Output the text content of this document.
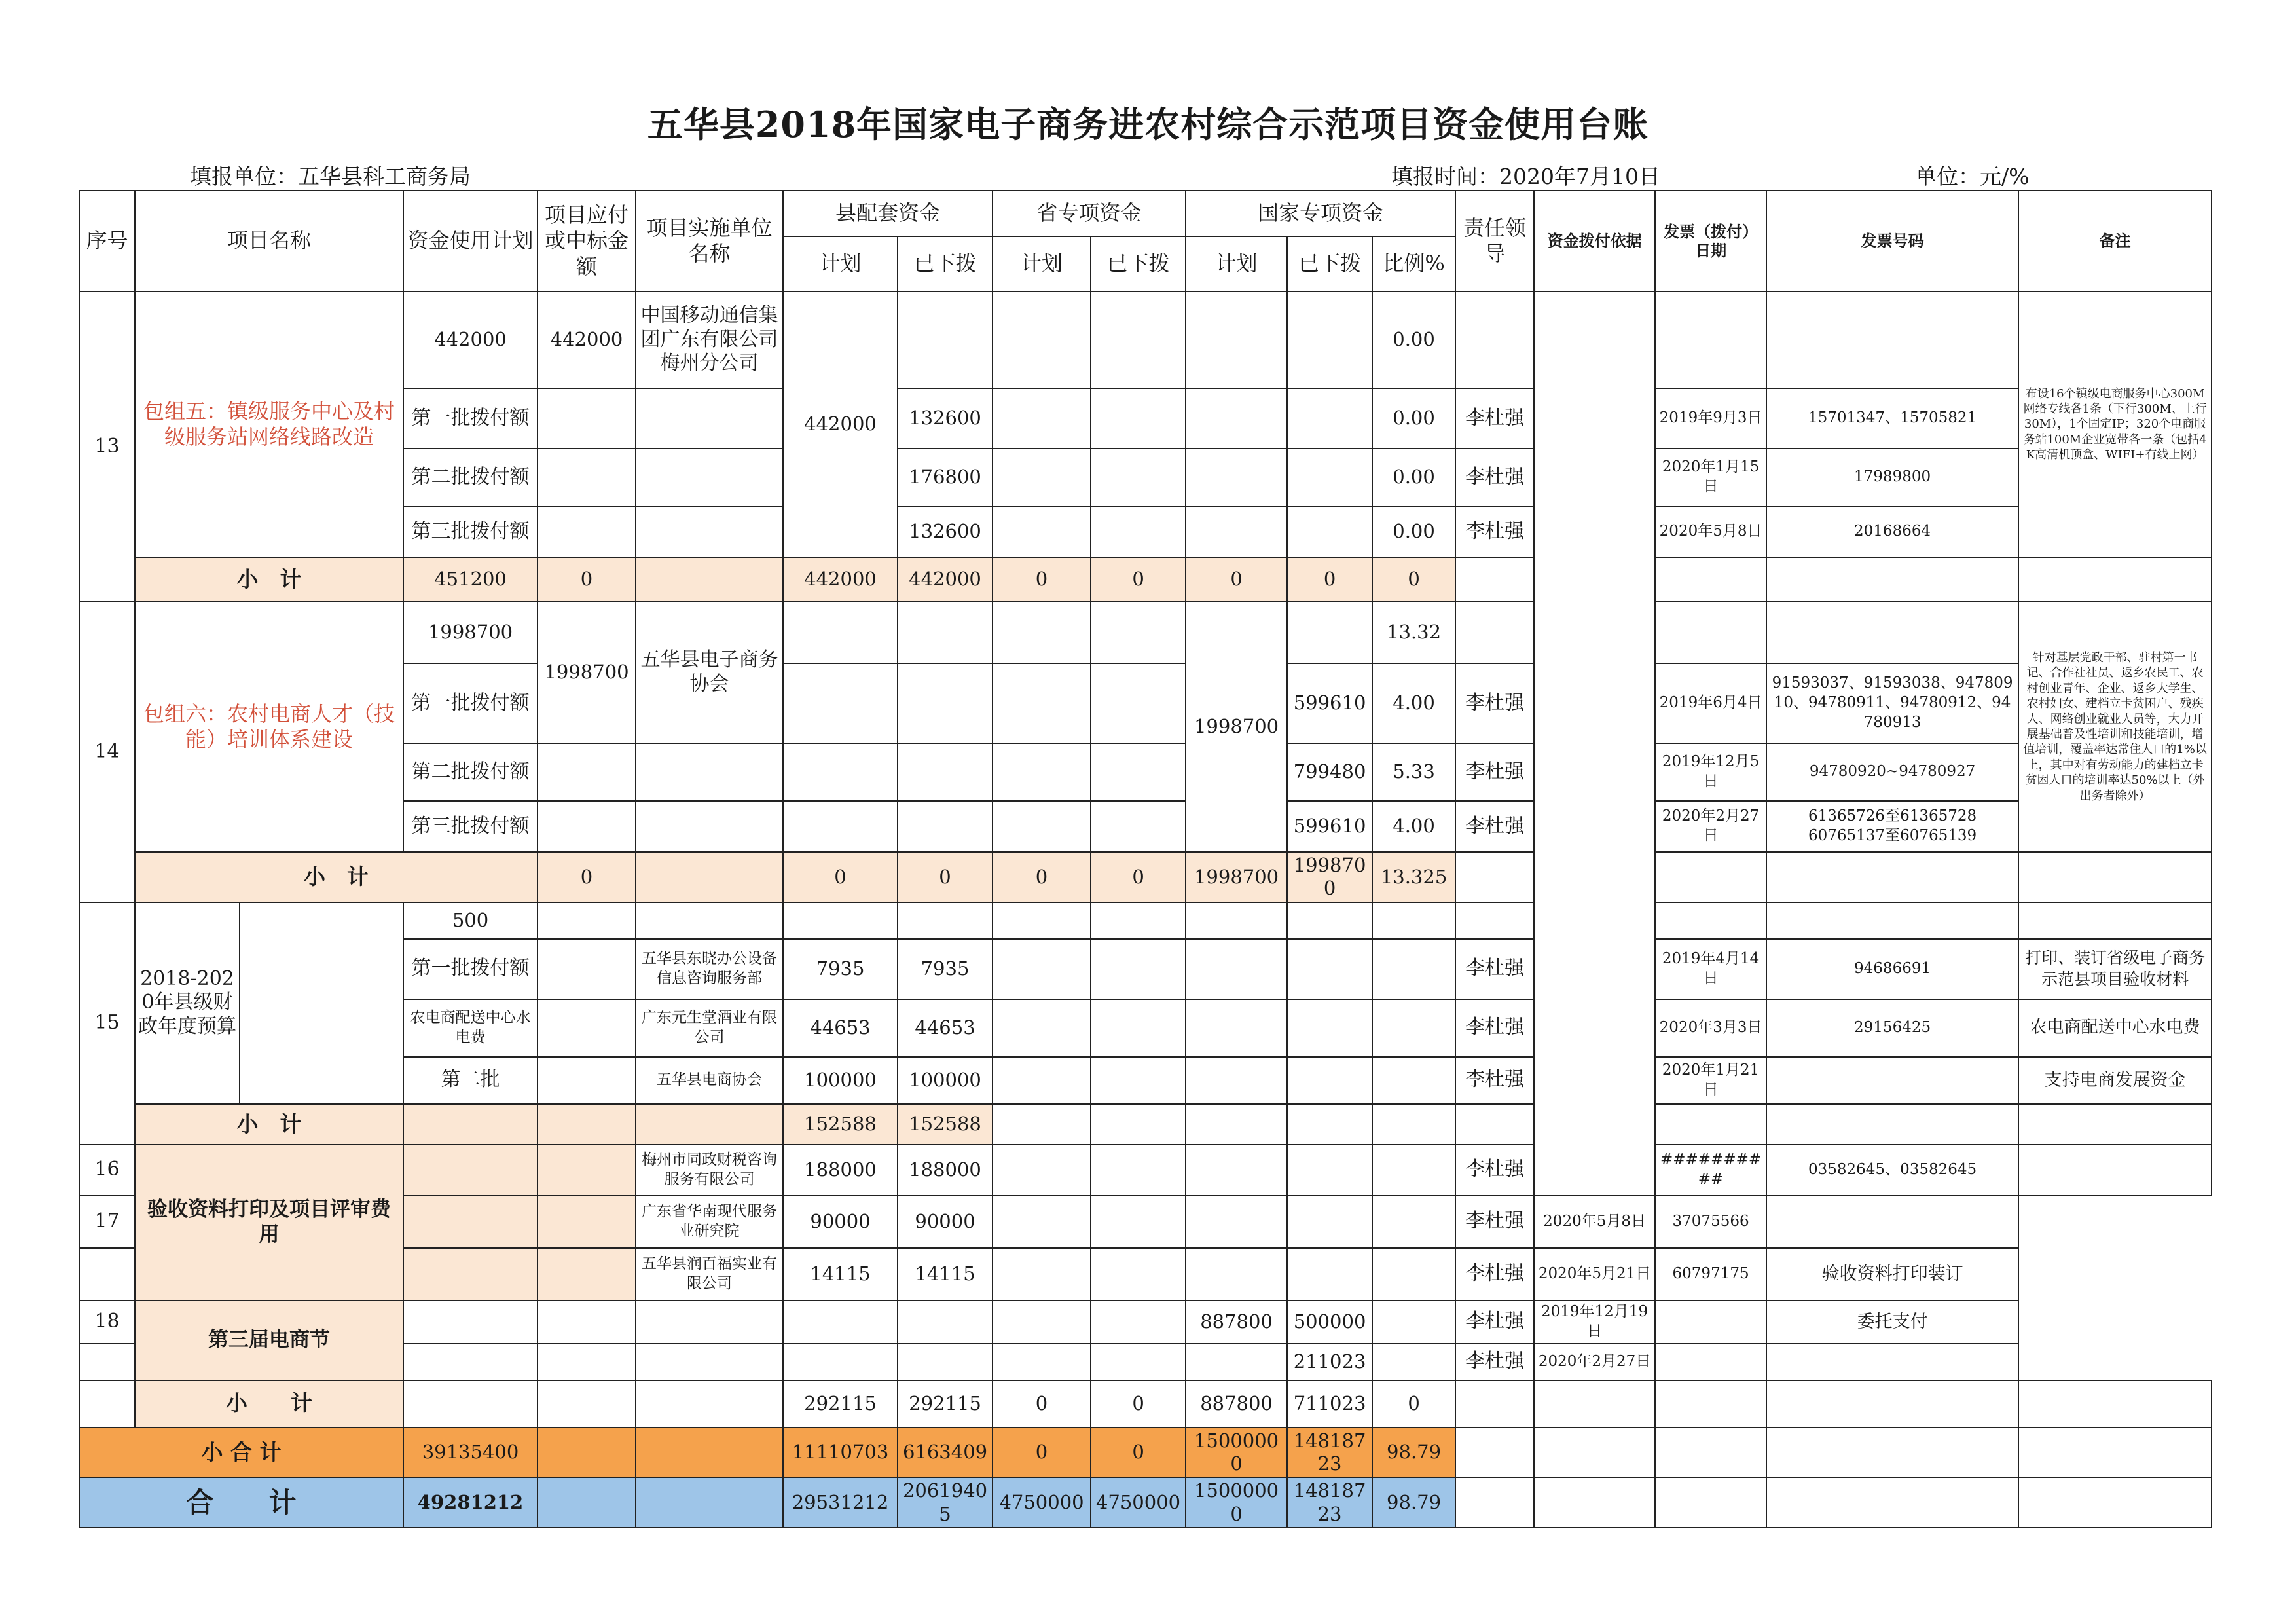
五华县2018年国家电子商务进农村综合示范项目资金使用台账
填报单位：五华县科工商务局	填报时间：2020年7月10日	单位：元/%
序号	项目名称		资金使用计划	项目应付或中标金额	项目实施单位名称	县配套资金		省专项资金		国家专项资金			责任领导	资金拨付依据	发票（拨付）日期	发票号码	备注
						计划	已下拨	计划	已下拨	计划	已下拨	比例%					
13	包组五：镇级服务中心及村级服务站网络线路改造		442000	442000	中国移动通信集团广东有限公司梅州分公司	442000						0.00					布设16个镇级电商服务中心300M网络专线各1条（下行300M、上行30M），1个固定IP；320个电商服务站100M企业宽带各一条（包括4K高清机顶盒、WIFI+有线上网）
			第一批拨付额				132600					0.00	李杜强		2019年9月3日	15701347、15705821	
			第二批拨付额				176800					0.00	李杜强		2020年1月15日	17989800	
			第三批拨付额				132600					0.00	李杜强		2020年5月8日	20168664	
	小　计		451200	0		442000	442000	0	0	0	0	0					
14	包组六：农村电商人才（技能）培训体系建设		1998700	1998700	五华县电子商务协会					1998700		13.32					针对基层党政干部、驻村第一书记、合作社社员、返乡农民工、农村创业青年、企业、返乡大学生、农村妇女、建档立卡贫困户、残疾人、网络创业就业人员等，大力开展基础普及性培训和技能培训，增值培训，覆盖率达常住人口的1%以上，其中对有劳动能力的建档立卡贫困人口的培训率达50%以上（外出务者除外）
			第一批拨付额								599610	4.00	李杜强		2019年6月4日	91593037、91593038、94780910、94780911、94780912、94780913	
			第二批拨付额								799480	5.33	李杜强		2019年12月5日	94780920~94780927	
			第三批拨付额								599610	4.00	李杜强		2020年2月27日	61365726至61365728
60765137至60765139	

	小　计			0		0	0	0	0	1998700	1998700	13.325					
15	2018-2020年县级财政年度预算		500														
			第一批拨付额		五华县东晓办公设备信息咨询服务部	7935	7935						李杜强		2019年4月14日	94686691	打印、装订省级电子商务示范县项目验收材料
			农电商配送中心水电费		广东元生堂酒业有限公司	44653	44653						李杜强		2020年3月3日	29156425	农电商配送中心水电费
			第二批		五华县电商协会	100000	100000						李杜强		2020年1月21日		支持电商发展资金
	小　计					152588	152588										
16	验收资料打印及项目评审费用				梅州市同政财税咨询服务有限公司	188000	188000						李杜强		##########	03582645、03582645	
17					广东省华南现代服务业研究院	90000	90000						李杜强	2020年5月8日	37075566		
					五华县润百福实业有限公司	14115	14115						李杜强	2020年5月21日	60797175	验收资料打印装订	
18	第三届电商节									887800	500000		李杜强	2019年12月19日		委托支付	
											211023		李杜强	2020年2月27日			
	小　　计					292115	292115	0	0	887800	711023	0					
小 合 计			39135400			11110703	6163409	0	0	15000000	14818723	98.79					
合　　计			49281212			29531212	20619405	4750000	4750000	15000000	14818723	98.79					
